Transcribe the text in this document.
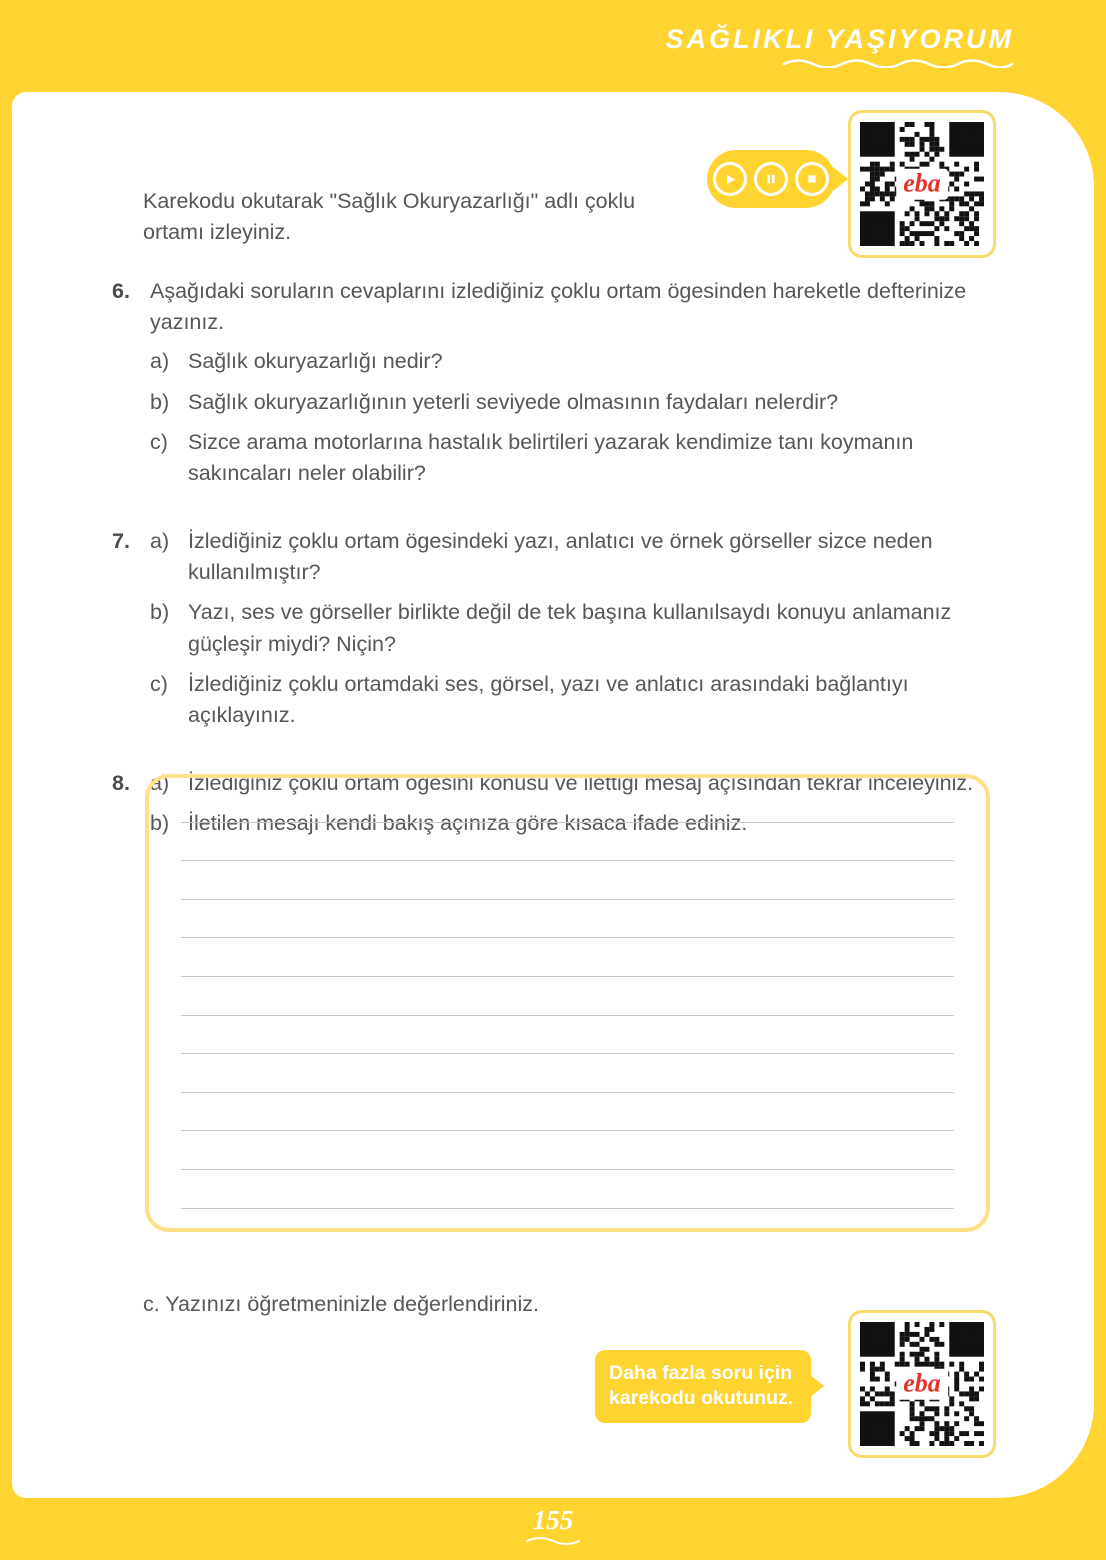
SAĞLIKLI YAŞIYORUM

Karekodu okutarak "Sağlık Okuryazarlığı" adlı çoklu ortamı izleyiniz.

eba
6. Aşağıdaki soruların cevaplarını izlediğiniz çoklu ortam ögesinden hareketle defterinize yazınız.

a) Sağlık okuryazarlığı nedir?
b) Sağlık okuryazarlığının yeterli seviyede olmasının faydaları nelerdir?
c) Sizce arama motorlarına hastalık belirtileri yazarak kendimize tanı koymanın sakıncaları neler olabilir?
7. a) İzlediğiniz çoklu ortam ögesindeki yazı, anlatıcı ve örnek görseller sizce neden kullanılmıştır?
b) Yazı, ses ve görseller birlikte değil de tek başına kullanılsaydı konuyu anlamanız güçleşir miydi? Niçin?
c) İzlediğiniz çoklu ortamdaki ses, görsel, yazı ve anlatıcı arasındaki bağlantıyı açıklayınız.
8. a) İzlediğiniz çoklu ortam ögesini konusu ve ilettiği mesaj açısından tekrar inceleyiniz.
b) İletilen mesajı kendi bakış açınıza göre kısaca ifade ediniz.

c. Yazınızı öğretmeninizle değerlendiriniz.

Daha fazla soru için
karekodu okutunuz.
eba
155
